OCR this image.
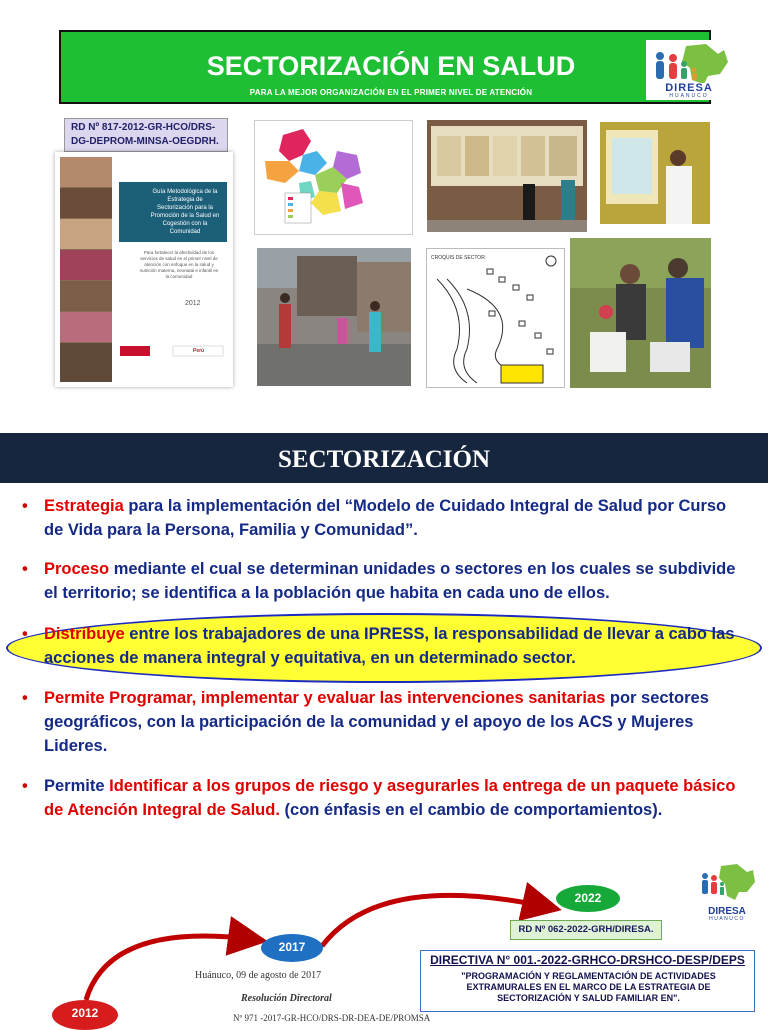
SECTORIZACIÓN EN SALUD
PARA LA MEJOR ORGANIZACIÓN EN EL PRIMER NIVEL DE ATENCIÓN	DIRESA
HUANUCO
RD Nº 817-2012-GR-HCO/DRS-DG-DEPROM-MINSA-OEGDRH.
Guía Metodológica de la Estrategia de Sectorización para la Promoción de la Salud en Cogestión con la Comunidad
Para fortalecer la efectividad de los servicios de salud en el primer nivel de atención con enfoque en la salud y nutrición materna, neonatal e infantil en la comunidad
2012
Perú
CROQUIS DE SECTOR
SECTORIZACIÓN
• Estrategia para la implementación del “Modelo de Cuidado Integral de Salud por Curso de Vida para la Persona, Familia y Comunidad”.
• Proceso mediante el cual se determinan unidades o sectores en los cuales se subdivide el territorio; se identifica a la población que habita en cada uno de ellos.
• Distribuye entre los trabajadores de una IPRESS, la responsabilidad de llevar a cabo las acciones de manera integral y equitativa, en un determinado sector.
• Permite Programar, implementar y evaluar las intervenciones sanitarias por sectores geográficos, con la participación de la comunidad y el apoyo de los ACS y Mujeres Lideres.
• Permite Identificar a los grupos de riesgo y asegurarles la entrega de un paquete básico de Atención Integral de Salud. (con énfasis en el cambio de comportamientos).
2022
2017
2012
RD Nº 062-2022-GRH/DIRESA.
DIRESA
HUANUCO
Huánuco, 09 de agosto de 2017
Resolución Directoral
Nº 971 -2017-GR-HCO/DRS-DR-DEA-DE/PROMSA
DIRECTIVA N° 001.-2022-GRHCO-DRSHCO-DESP/DEPS
"PROGRAMACIÓN Y REGLAMENTACIÓN DE ACTIVIDADES EXTRAMURALES EN EL MARCO DE LA ESTRATEGIA DE SECTORIZACIÓN Y SALUD FAMILIAR EN".
